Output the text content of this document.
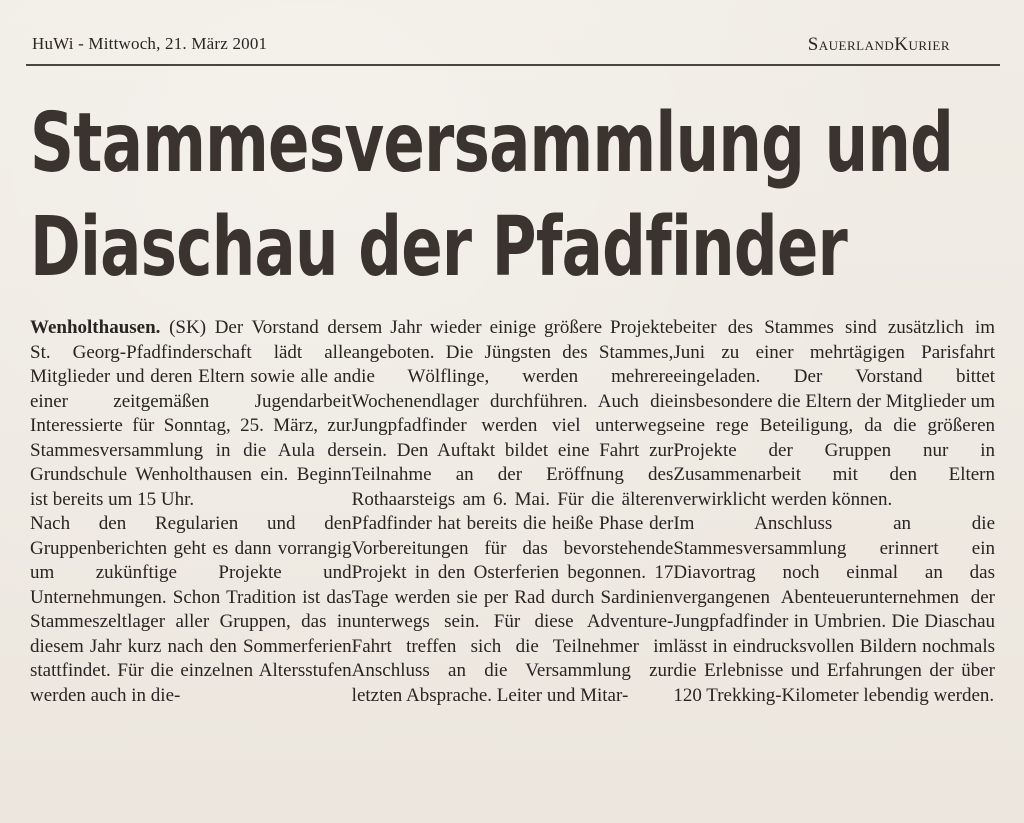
HuWi - Mittwoch, 21. März 2001	SauerlandKurier
Stammesversammlung und
Diaschau der Pfadfinder

Wenholthausen. (SK) Der Vorstand der St. Georg-Pfadfinderschaft lädt alle Mitglieder und deren Eltern sowie alle an einer zeitgemäßen Jugendarbeit Interessierte für Sonntag, 25. März, zur Stammesversammlung in die Aula der Grundschule Wenholthausen ein. Beginn ist bereits um 15 Uhr.

Nach den Regularien und den Gruppenberichten geht es dann vorrangig um zukünftige Projekte und Unternehmungen. Schon Tradition ist das Stammeszeltlager aller Gruppen, das in diesem Jahr kurz nach den Sommerferien stattfindet. Für die einzelnen Altersstufen werden auch in die-

sem Jahr wieder einige größere Projekte angeboten. Die Jüngsten des Stammes, die Wölflinge, werden mehrere Wochenendlager durchführen. Auch die Jungpfadfinder werden viel unterwegs sein. Den Auftakt bildet eine Fahrt zur Teilnahme an der Eröffnung des Rothaarsteigs am 6. Mai. Für die älteren Pfadfinder hat bereits die heiße Phase der Vorbereitungen für das bevorstehende Projekt in den Osterferien begonnen. 17 Tage werden sie per Rad durch Sardinien unterwegs sein. Für diese Adventure-Fahrt treffen sich die Teilnehmer im Anschluss an die Versammlung zur letzten Absprache. Leiter und Mitar-

beiter des Stammes sind zusätzlich im Juni zu einer mehrtägigen Parisfahrt eingeladen. Der Vorstand bittet insbesondere die Eltern der Mitglieder um eine rege Beteiligung, da die größeren Projekte der Gruppen nur in Zusammenarbeit mit den Eltern verwirklicht werden können.

Im Anschluss an die Stammesversammlung erinnert ein Diavortrag noch einmal an das vergangenen Abenteuerunternehmen der Jungpfadfinder in Umbrien. Die Diaschau lässt in eindrucksvollen Bildern nochmals die Erlebnisse und Erfahrungen der über 120 Trekking-Kilometer lebendig werden.
